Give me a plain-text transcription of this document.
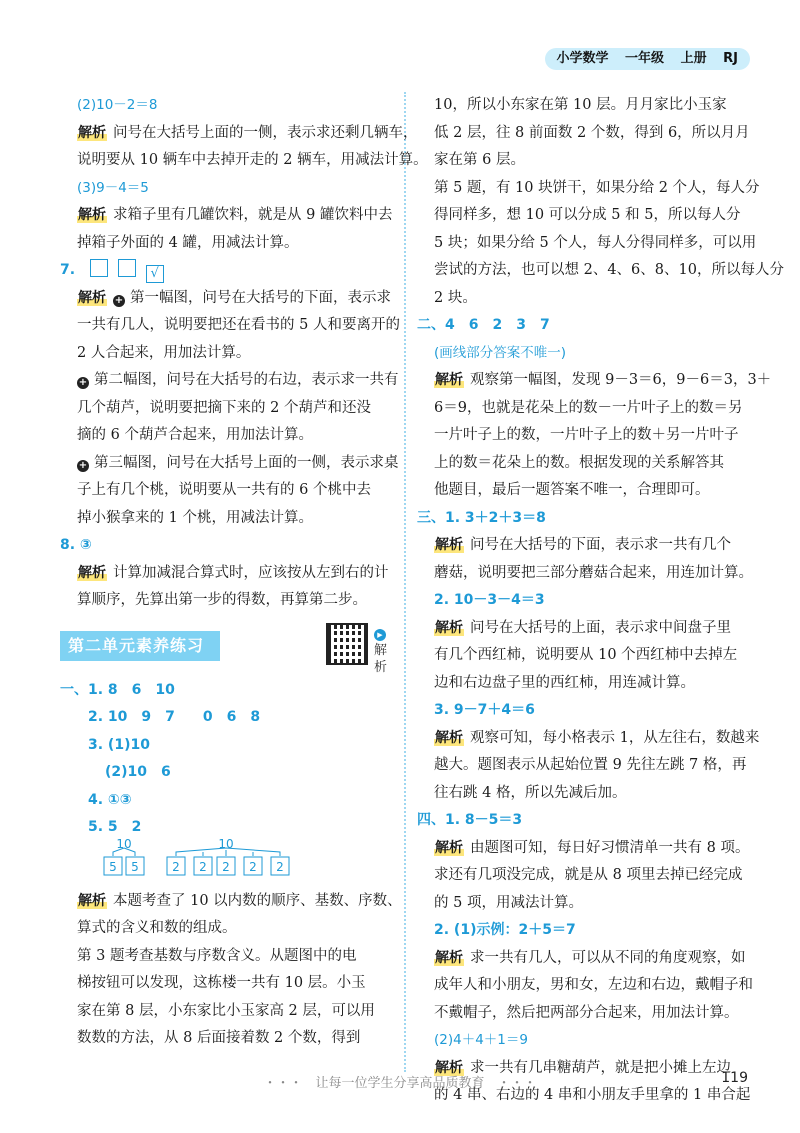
小学数学 一年级 上册 RJ
(2)10－2＝8
解析 问号在大括号上面的一侧，表示求还剩几辆车，
说明要从 10 辆车中去掉开走的 2 辆车，用减法计算。
(3)9－4＝5
解析 求箱子里有几罐饮料，就是从 9 罐饮料中去
掉箱子外面的 4 罐，用减法计算。
7.	√
解析 + 第一幅图，问号在大括号的下面，表示求
一共有几人，说明要把还在看书的 5 人和要离开的
2 人合起来，用加法计算。
+ 第二幅图，问号在大括号的右边，表示求一共有
几个葫芦，说明要把摘下来的 2 个葫芦和还没
摘的 6 个葫芦合起来，用加法计算。
+ 第三幅图，问号在大括号上面的一侧，表示求桌
子上有几个桃，说明要从一共有的 6 个桃中去
掉小猴拿来的 1 个桃，用减法计算。
8. ③
解析 计算加减混合算式时，应该按从左到右的计
算顺序，先算出第一步的得数，再算第二步。
第二单元素养练习
▶解析
一、1. 8　6　10
2. 10　9　7　　0　6　8
3. (1)10
(2)10　6
4. ①③
5. 5　2
10	10
5 5	2 2 2 2 2
解析 本题考查了 10 以内数的顺序、基数、序数、
算式的含义和数的组成。
第 3 题考查基数与序数含义。从题图中的电
梯按钮可以发现，这栋楼一共有 10 层。小玉
家在第 8 层，小东家比小玉家高 2 层，可以用
数数的方法，从 8 后面接着数 2 个数，得到
10，所以小东家在第 10 层。月月家比小玉家
低 2 层，往 8 前面数 2 个数，得到 6，所以月月
家在第 6 层。
第 5 题，有 10 块饼干，如果分给 2 个人，每人分
得同样多，想 10 可以分成 5 和 5，所以每人分
5 块；如果分给 5 个人，每人分得同样多，可以用
尝试的方法，也可以想 2、4、6、8、10，所以每人分
2 块。
二、4　6　2　3　7
(画线部分答案不唯一)
解析 观察第一幅图，发现 9－3＝6，9－6＝3，3＋
6＝9，也就是花朵上的数－一片叶子上的数＝另
一片叶子上的数，一片叶子上的数＋另一片叶子
上的数＝花朵上的数。根据发现的关系解答其
他题目，最后一题答案不唯一，合理即可。
三、1. 3＋2＋3＝8
解析 问号在大括号的下面，表示求一共有几个
蘑菇，说明要把三部分蘑菇合起来，用连加计算。
2. 10－3－4＝3
解析 问号在大括号的上面，表示求中间盘子里
有几个西红柿，说明要从 10 个西红柿中去掉左
边和右边盘子里的西红柿，用连减计算。
3. 9－7＋4＝6
解析 观察可知，每小格表示 1，从左往右，数越来
越大。题图表示从起始位置 9 先往左跳 7 格，再
往右跳 4 格，所以先减后加。
四、1. 8－5＝3
解析 由题图可知，每日好习惯清单一共有 8 项。
求还有几项没完成，就是从 8 项里去掉已经完成
的 5 项，用减法计算。
2. (1)示例：2＋5＝7
解析 求一共有几人，可以从不同的角度观察，如
成年人和小朋友，男和女，左边和右边，戴帽子和
不戴帽子，然后把两部分合起来，用加法计算。
(2)4＋4＋1＝9
解析 求一共有几串糖葫芦，就是把小摊上左边
的 4 串、右边的 4 串和小朋友手里拿的 1 串合起
・・・　让每一位学生分享高品质教育　・・・	119
